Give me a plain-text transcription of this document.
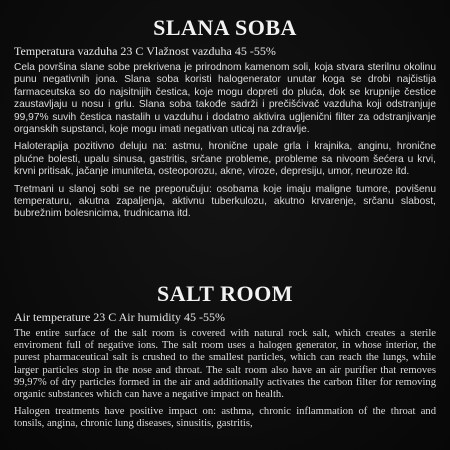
SLANA SOBA

Temperatura vazduha 23 C Vlažnost vazduha 45 -55%

Cela površina slane sobe prekrivena je prirodnom kamenom soli, koja stvara sterilnu okolinu punu negativnih jona. Slana soba koristi halogenerator unutar koga se drobi najčistija farmaceutska so do najsitnijih čestica, koje mogu dopreti do pluća, dok se krupnije čestice zaustavljaju u nosu i grlu. Slana soba takođe sadrži i prečišćivač vazduha koji odstranjuje 99,97% suvih čestica nastalih u vazduhu i dodatno aktivira ugljenični filter za odstranjivanje organskih supstanci, koje mogu imati negativan uticaj na zdravlje.

Haloterapija pozitivno deluju na: astmu, hronične upale grla i krajnika, anginu, hronične plućne bolesti, upalu sinusa, gastritis, srčane probleme, probleme sa nivoom šećera u krvi, krvni pritisak, jačanje imuniteta, osteoporozu, akne, viroze, depresiju, umor, neuroze itd.

Tretmani u slanoj sobi se ne preporučuju: osobama koje imaju maligne tumore, povišenu temperaturu, akutna zapaljenja, aktivnu tuberkulozu, akutno krvarenje, srčanu slabost, bubrežnim bolesnicima, trudnicama itd.

SALT ROOM

Air temperature 23 C Air humidity 45 -55%

The entire surface of the salt room is covered with natural rock salt, which creates a sterile enviroment full of negative ions. The salt room uses a halogen generator, in whose interior, the purest pharmaceutical salt is crushed to the smallest particles, which can reach the lungs, while larger particles stop in the nose and throat. The salt room also have an air purifier that removes 99,97% of dry particles formed in the air and additionally activates the carbon filter for removing organic substances which can have a negative impact on health.

Halogen treatments have positive impact on: asthma, chronic inflammation of the throat and tonsils, angina, chronic lung diseases, sinusitis, gastritis,
